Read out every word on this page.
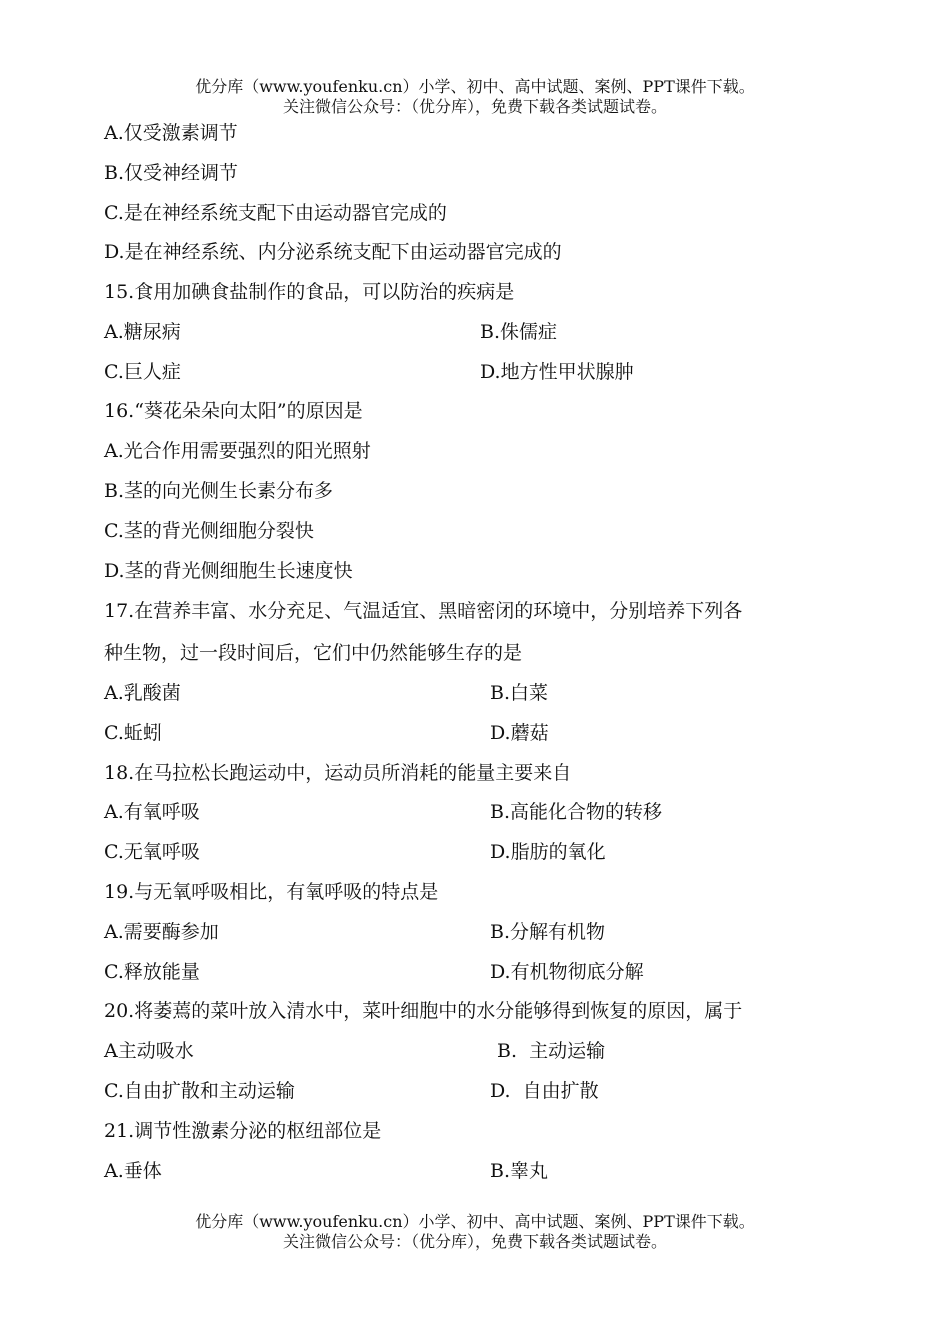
优分库（www.youfenku.cn）小学、初中、高中试题、案例、PPT课件下载。
关注微信公众号：（优分库），免费下载各类试题试卷。
A.仅受激素调节
B.仅受神经调节
C.是在神经系统支配下由运动器官完成的
D.是在神经系统、内分泌系统支配下由运动器官完成的
15.食用加碘食盐制作的食品，可以防治的疾病是
A.糖尿病	B.侏儒症
C.巨人症	D.地方性甲状腺肿
16.“葵花朵朵向太阳”的原因是
A.光合作用需要强烈的阳光照射
B.茎的向光侧生长素分布多
C.茎的背光侧细胞分裂快
D.茎的背光侧细胞生长速度快
17.在营养丰富、水分充足、气温适宜、黑暗密闭的环境中，分别培养下列各
种生物，过一段时间后，它们中仍然能够生存的是
A.乳酸菌	B.白菜
C.蚯蚓	D.蘑菇
18.在马拉松长跑运动中，运动员所消耗的能量主要来自
A.有氧呼吸	B.高能化合物的转移
C.无氧呼吸	D.脂肪的氧化
19.与无氧呼吸相比，有氧呼吸的特点是
A.需要酶参加	B.分解有机物
C.释放能量	D.有机物彻底分解
20.将萎蔫的菜叶放入清水中，菜叶细胞中的水分能够得到恢复的原因，属于
A主动吸水	B.  主动运输
C.自由扩散和主动运输	D.  自由扩散
21.调节性激素分泌的枢纽部位是
A.垂体	B.睾丸
优分库（www.youfenku.cn）小学、初中、高中试题、案例、PPT课件下载。
关注微信公众号：（优分库），免费下载各类试题试卷。
